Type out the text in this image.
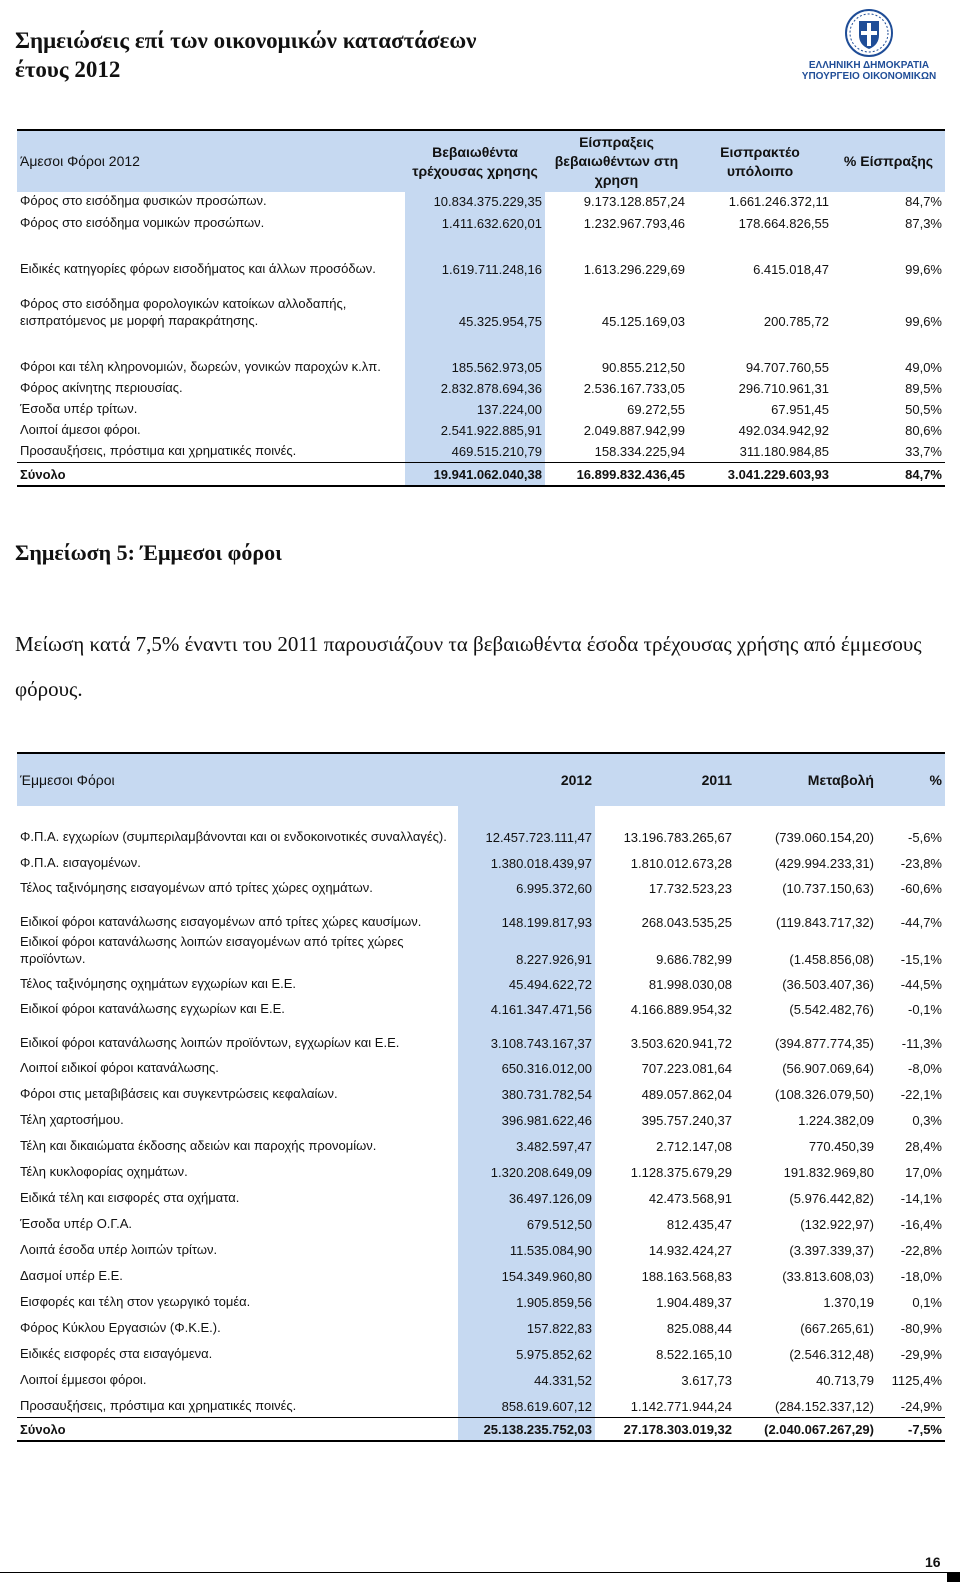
Σημειώσεις επί των οικονομικών καταστάσεων
έτους 2012	ΕΛΛΗΝΙΚΗ ΔΗΜΟΚΡΑΤΙΑ
ΥΠΟΥΡΓΕΙΟ ΟΙΚΟΝΟΜΙΚΩΝ
Άμεσοι Φόροι 2012	Βεβαιωθέντα τρέχουσας χρησης	Είσπραξεις βεβαιωθέντων στη χρηση	Εισπρακτέο υπόλοιπο	% Είσπραξης
Φόρος στο εισόδημα φυσικών προσώπων.	10.834.375.229,35	9.173.128.857,24	1.661.246.372,11	84,7%
Φόρος στο εισόδημα νομικών προσώπων.	1.411.632.620,01	1.232.967.793,46	178.664.826,55	87,3%
Ειδικές κατηγορίες φόρων εισοδήματος και άλλων προσόδων.	1.619.711.248,16	1.613.296.229,69	6.415.018,47	99,6%
Φόρος στο εισόδημα φορολογικών κατοίκων αλλοδαπής, εισπρατόμενος με μορφή παρακράτησης.	45.325.954,75	45.125.169,03	200.785,72	99,6%
Φόροι και τέλη κληρονομιών, δωρεών, γονικών παροχών κ.λπ.	185.562.973,05	90.855.212,50	94.707.760,55	49,0%
Φόρος ακίνητης περιουσίας.	2.832.878.694,36	2.536.167.733,05	296.710.961,31	89,5%
Έσοδα υπέρ τρίτων.	137.224,00	69.272,55	67.951,45	50,5%
Λοιποί άμεσοι φόροι.	2.541.922.885,91	2.049.887.942,99	492.034.942,92	80,6%
Προσαυξήσεις, πρόστιμα και χρηματικές ποινές.	469.515.210,79	158.334.225,94	311.180.984,85	33,7%
Σύνολο	19.941.062.040,38	16.899.832.436,45	3.041.229.603,93	84,7%
Σημείωση 5: Έμμεσοι φόροι

Μείωση κατά 7,5% έναντι του 2011 παρουσιάζουν τα βεβαιωθέντα έσοδα τρέχουσας χρήσης από έμμεσους φόρους.

Έμμεσοι Φόροι	2012	2011	Μεταβολή	%
Φ.Π.Α. εγχωρίων (συμπεριλαμβάνονται και οι ενδοκοινοτικές συναλλαγές).	12.457.723.111,47	13.196.783.265,67	(739.060.154,20)	-5,6%
Φ.Π.Α. εισαγομένων.	1.380.018.439,97	1.810.012.673,28	(429.994.233,31)	-23,8%
Τέλος ταξινόμησης εισαγομένων από τρίτες χώρες οχημάτων.	6.995.372,60	17.732.523,23	(10.737.150,63)	-60,6%
Ειδικοί φόροι κατανάλωσης εισαγομένων από τρίτες χώρες καυσίμων.	148.199.817,93	268.043.535,25	(119.843.717,32)	-44,7%
Ειδικοί φόροι κατανάλωσης λοιπών εισαγομένων από τρίτες χώρες προϊόντων.	8.227.926,91	9.686.782,99	(1.458.856,08)	-15,1%
Τέλος ταξινόμησης οχημάτων εγχωρίων και Ε.Ε.	45.494.622,72	81.998.030,08	(36.503.407,36)	-44,5%
Ειδικοί φόροι κατανάλωσης εγχωρίων και Ε.Ε.	4.161.347.471,56	4.166.889.954,32	(5.542.482,76)	-0,1%
Ειδικοί φόροι κατανάλωσης λοιπών προϊόντων, εγχωρίων και Ε.Ε.	3.108.743.167,37	3.503.620.941,72	(394.877.774,35)	-11,3%
Λοιποί ειδικοί φόροι κατανάλωσης.	650.316.012,00	707.223.081,64	(56.907.069,64)	-8,0%
Φόροι στις μεταβιβάσεις και συγκεντρώσεις κεφαλαίων.	380.731.782,54	489.057.862,04	(108.326.079,50)	-22,1%
Τέλη χαρτοσήμου.	396.981.622,46	395.757.240,37	1.224.382,09	0,3%
Τέλη και δικαιώματα έκδοσης αδειών και παροχής προνομίων.	3.482.597,47	2.712.147,08	770.450,39	28,4%
Τέλη κυκλοφορίας οχημάτων.	1.320.208.649,09	1.128.375.679,29	191.832.969,80	17,0%
Ειδικά τέλη και εισφορές στα οχήματα.	36.497.126,09	42.473.568,91	(5.976.442,82)	-14,1%
Έσοδα υπέρ Ο.Γ.Α.	679.512,50	812.435,47	(132.922,97)	-16,4%
Λοιπά έσοδα υπέρ λοιπών τρίτων.	11.535.084,90	14.932.424,27	(3.397.339,37)	-22,8%
Δασμοί υπέρ Ε.Ε.	154.349.960,80	188.163.568,83	(33.813.608,03)	-18,0%
Εισφορές και τέλη στον γεωργικό τομέα.	1.905.859,56	1.904.489,37	1.370,19	0,1%
Φόρος Κύκλου Εργασιών (Φ.Κ.Ε.).	157.822,83	825.088,44	(667.265,61)	-80,9%
Ειδικές εισφορές στα εισαγόμενα.	5.975.852,62	8.522.165,10	(2.546.312,48)	-29,9%
Λοιποί έμμεσοι φόροι.	44.331,52	3.617,73	40.713,79	1125,4%
Προσαυξήσεις, πρόστιμα και χρηματικές ποινές.	858.619.607,12	1.142.771.944,24	(284.152.337,12)	-24,9%
Σύνολο	25.138.235.752,03	27.178.303.019,32	(2.040.067.267,29)	-7,5%
16
